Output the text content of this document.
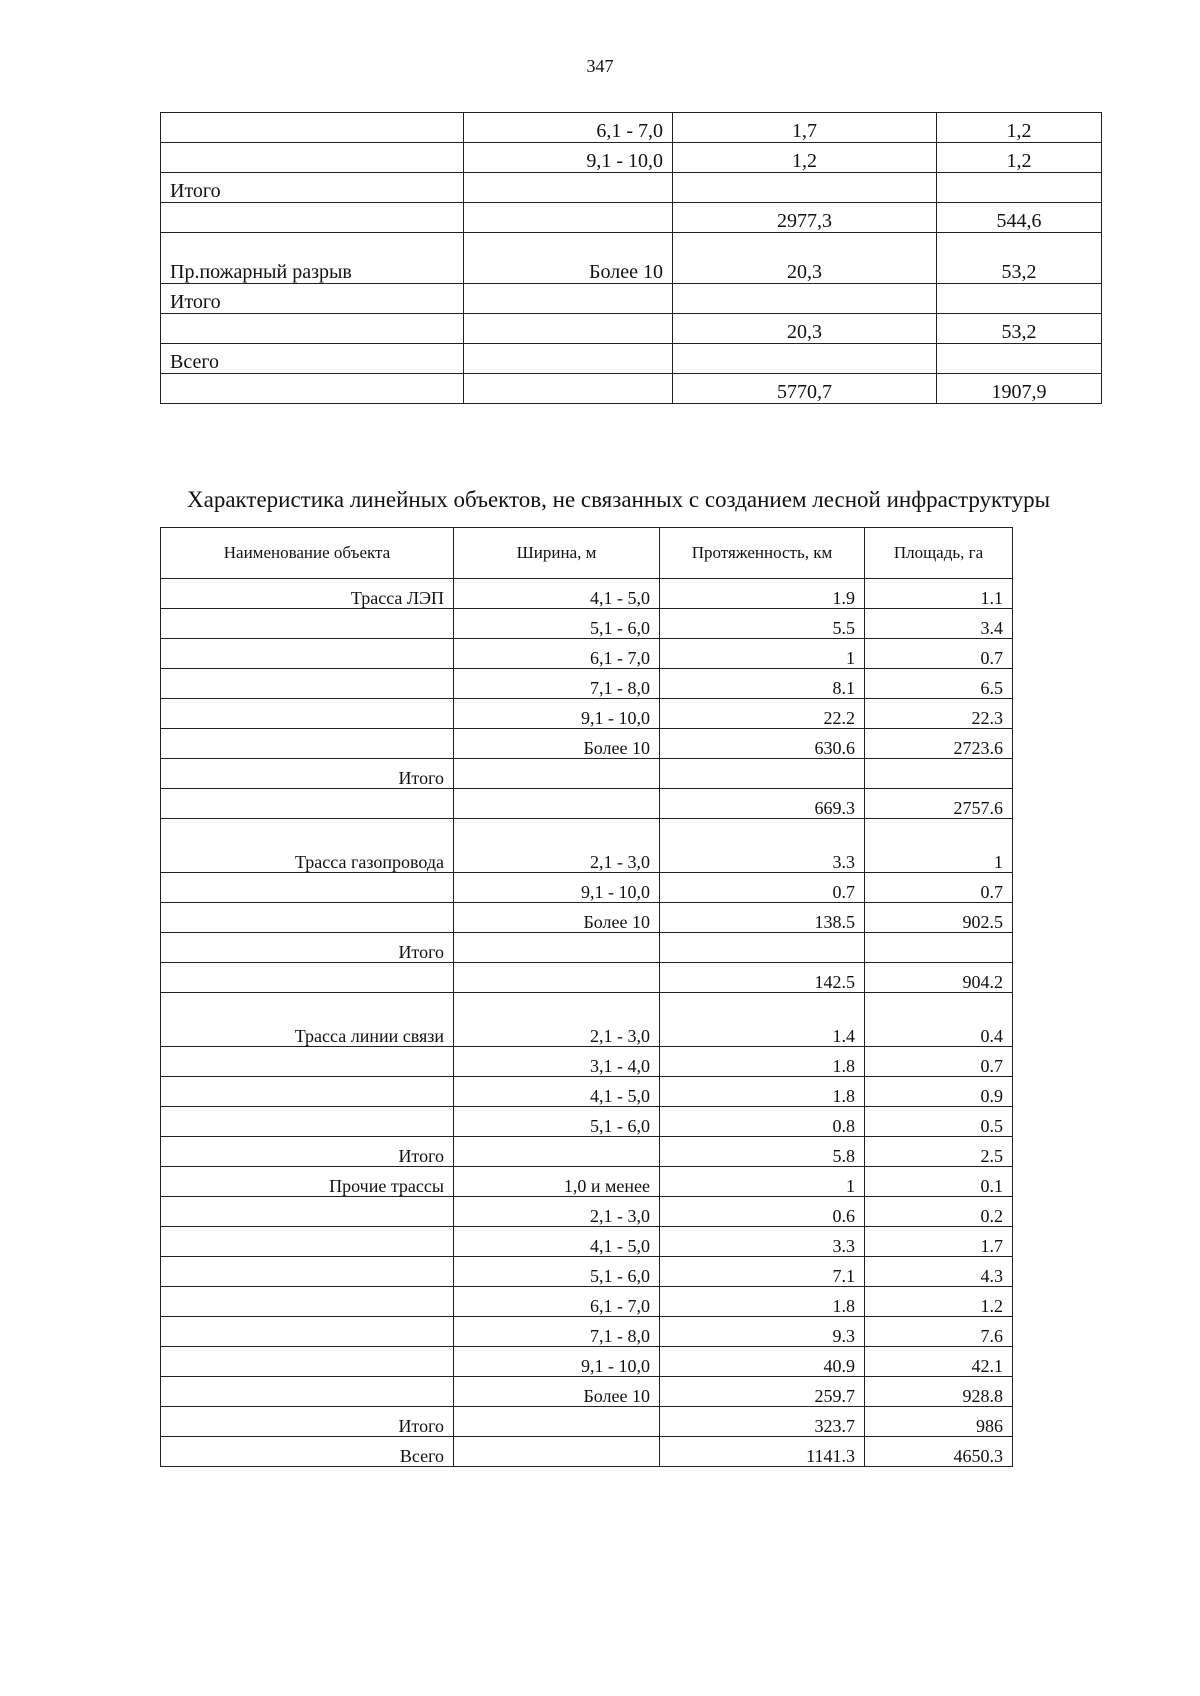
347
	6,1 - 7,0	1,7	1,2
	9,1 - 10,0	1,2	1,2
Итого			
		2977,3	544,6
Пр.пожарный разрыв	Более 10	20,3	53,2
Итого			
		20,3	53,2
Всего			
		5770,7	1907,9
Характеристика линейных объектов, не связанных с созданием лесной инфраструктуры
Наименование объекта	Ширина, м	Протяженность, км	Площадь, га
Трасса ЛЭП	4,1 - 5,0	1.9	1.1
	5,1 - 6,0	5.5	3.4
	6,1 - 7,0	1	0.7
	7,1 - 8,0	8.1	6.5
	9,1 - 10,0	22.2	22.3
	Более 10	630.6	2723.6
Итого			
		669.3	2757.6
Трасса газопровода	2,1 - 3,0	3.3	1
	9,1 - 10,0	0.7	0.7
	Более 10	138.5	902.5
Итого			
		142.5	904.2
Трасса линии связи	2,1 - 3,0	1.4	0.4
	3,1 - 4,0	1.8	0.7
	4,1 - 5,0	1.8	0.9
	5,1 - 6,0	0.8	0.5
Итого		5.8	2.5
Прочие трассы	1,0 и менее	1	0.1
	2,1 - 3,0	0.6	0.2
	4,1 - 5,0	3.3	1.7
	5,1 - 6,0	7.1	4.3
	6,1 - 7,0	1.8	1.2
	7,1 - 8,0	9.3	7.6
	9,1 - 10,0	40.9	42.1
	Более 10	259.7	928.8
Итого		323.7	986
Всего		1141.3	4650.3
